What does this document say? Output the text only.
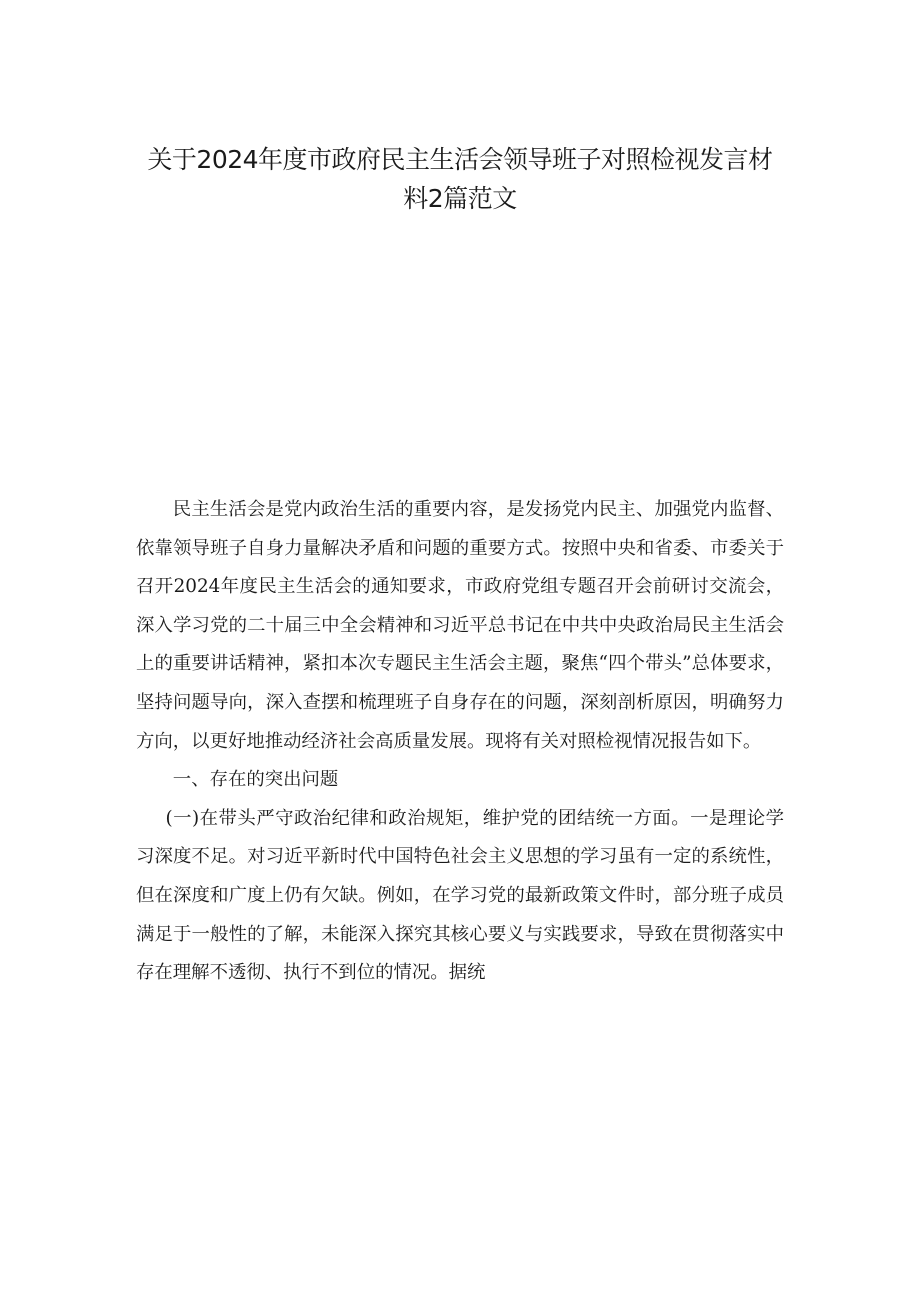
关于2024年度市政府民主生活会领导班子对照检视发言材
料2篇范文

民主生活会是党内政治生活的重要内容，是发扬党内民主、加强党内监督、依靠领导班子自身力量解决矛盾和问题的重要方式。按照中央和省委、市委关于召开2024年度民主生活会的通知要求，市政府党组专题召开会前研讨交流会，深入学习党的二十届三中全会精神和习近平总书记在中共中央政治局民主生活会上的重要讲话精神，紧扣本次专题民主生活会主题，聚焦“四个带头”总体要求，坚持问题导向，深入查摆和梳理班子自身存在的问题，深刻剖析原因，明确努力方向，以更好地推动经济社会高质量发展。现将有关对照检视情况报告如下。

一、存在的突出问题

(一)在带头严守政治纪律和政治规矩，维护党的团结统一方面。一是理论学习深度不足。对习近平新时代中国特色社会主义思想的学习虽有一定的系统性，但在深度和广度上仍有欠缺。例如，在学习党的最新政策文件时，部分班子成员满足于一般性的了解，未能深入探究其核心要义与实践要求，导致在贯彻落实中存在理解不透彻、执行不到位的情况。据统
